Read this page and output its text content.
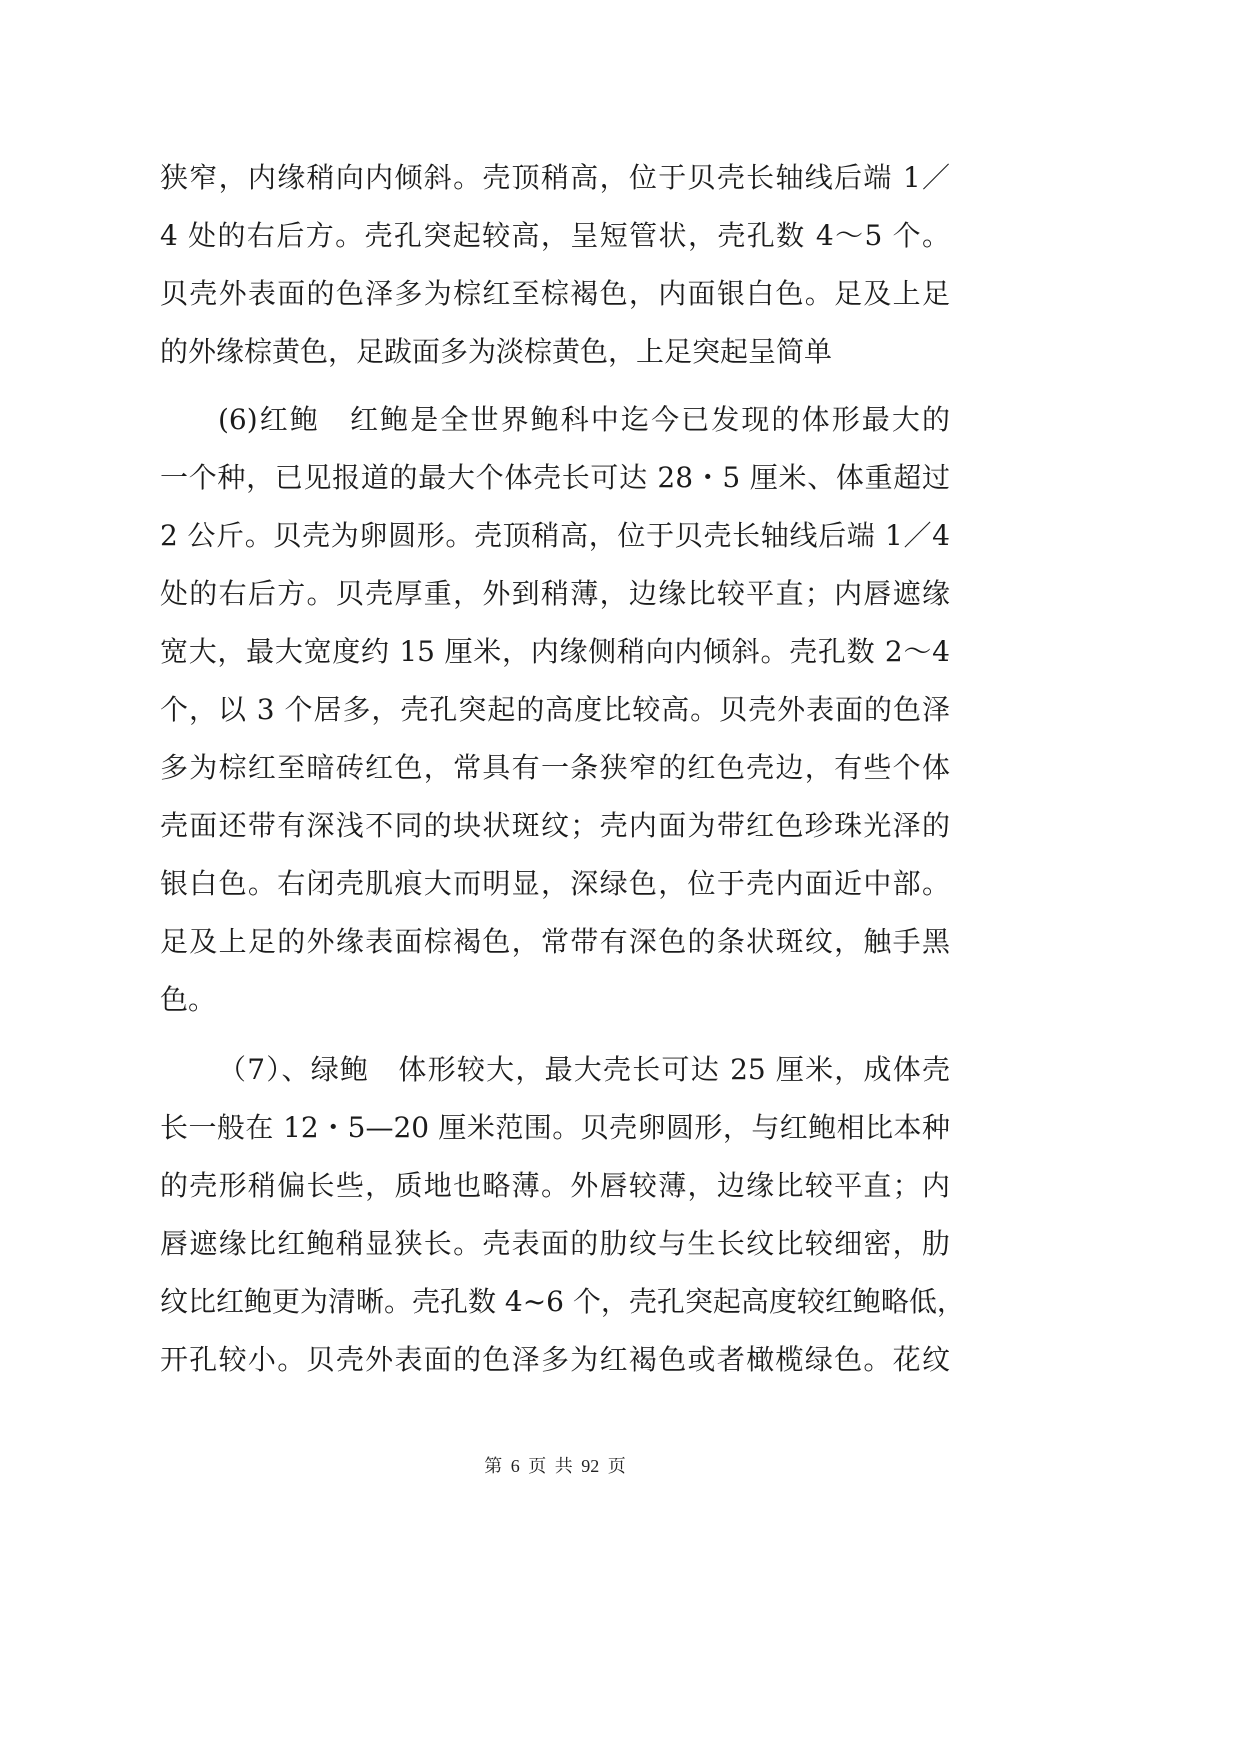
狭窄，内缘稍向内倾斜。壳顶稍高，位于贝壳长轴线后端 1／
4 处的右后方。壳孔突起较高，呈短管状，壳孔数 4～5 个。
贝壳外表面的色泽多为棕红至棕褐色，内面银白色。足及上足
的外缘棕黄色，足跋面多为淡棕黄色，上足突起呈简单
(6)红鲍　红鲍是全世界鲍科中迄今已发现的体形最大的
一个种，已见报道的最大个体壳长可达 28・5 厘米、体重超过
2 公斤。贝壳为卵圆形。壳顶稍高，位于贝壳长轴线后端 1／4
处的右后方。贝壳厚重，外到稍薄，边缘比较平直；内唇遮缘
宽大，最大宽度约 15 厘米，内缘侧稍向内倾斜。壳孔数 2～4
个，以 3 个居多，壳孔突起的高度比较高。贝壳外表面的色泽
多为棕红至暗砖红色，常具有一条狭窄的红色壳边，有些个体
壳面还带有深浅不同的块状斑纹；壳内面为带红色珍珠光泽的
银白色。右闭壳肌痕大而明显，深绿色，位于壳内面近中部。
足及上足的外缘表面棕褐色，常带有深色的条状斑纹，触手黑
色。
（7）、绿鲍　体形较大，最大壳长可达 25 厘米，成体壳
长一般在 12・5—20 厘米范围。贝壳卵圆形，与红鲍相比本种
的壳形稍偏长些，质地也略薄。外唇较薄，边缘比较平直；内
唇遮缘比红鲍稍显狭长。壳表面的肋纹与生长纹比较细密，肋
纹比红鲍更为清晰。壳孔数 4~6 个，壳孔突起高度较红鲍略低，
开孔较小。贝壳外表面的色泽多为红褐色或者橄榄绿色。花纹
第 6 页 共 92 页
